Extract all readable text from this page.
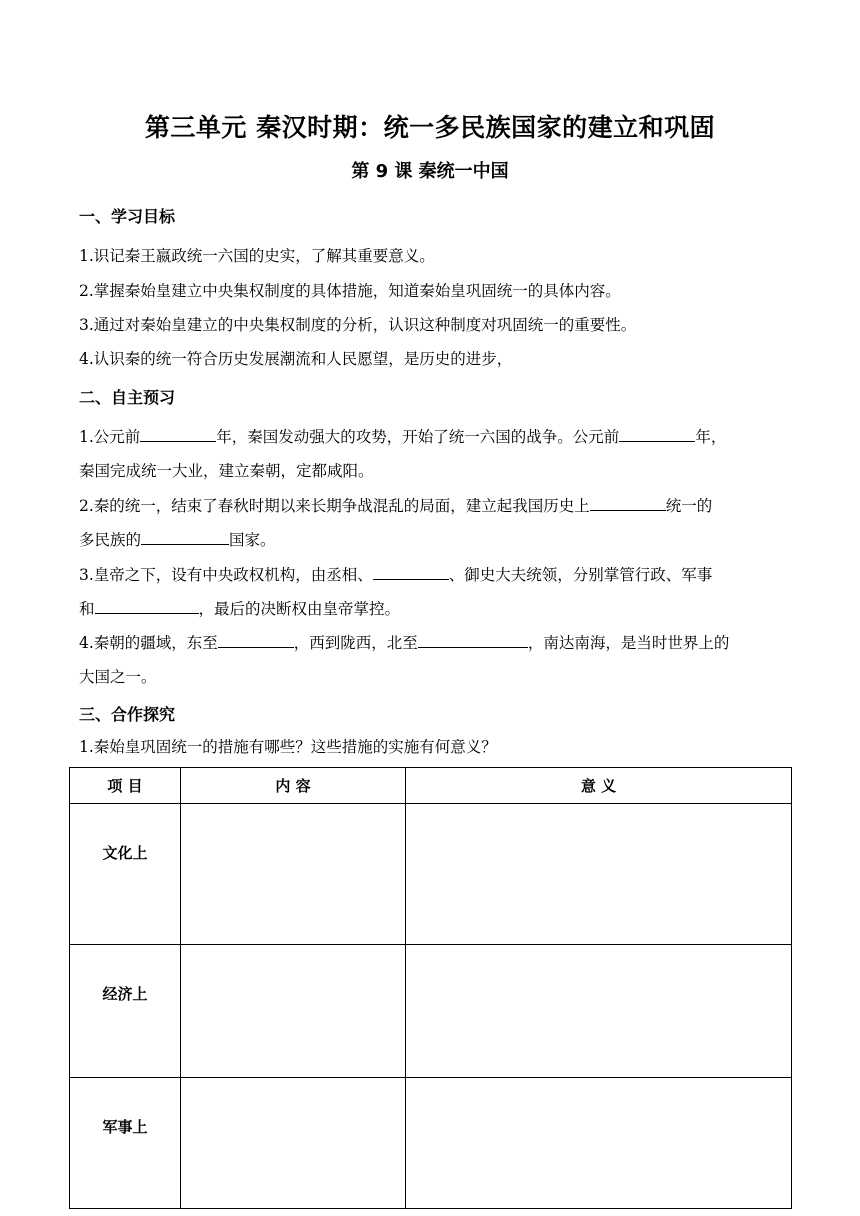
第三单元 秦汉时期：统一多民族国家的建立和巩固
第 9 课 秦统一中国
一、学习目标
1.识记秦王嬴政统一六国的史实，了解其重要意义。
2.掌握秦始皇建立中央集权制度的具体措施，知道秦始皇巩固统一的具体内容。
3.通过对秦始皇建立的中央集权制度的分析，认识这种制度对巩固统一的重要性。
4.认识秦的统一符合历史发展潮流和人民愿望，是历史的进步，
二、自主预习
1.公元前	年，秦国发动强大的攻势，开始了统一六国的战争。公元前	年，
秦国完成统一大业，建立秦朝，定都咸阳。
2.秦的统一，结束了春秋时期以来长期争战混乱的局面，建立起我国历史上	统一的
多民族的	国家。
3.皇帝之下，设有中央政权机构，由丞相、	、御史大夫统领，分别掌管行政、军事
和	，最后的决断权由皇帝掌控。
4.秦朝的疆域，东至	，西到陇西，北至	，南达南海，是当时世界上的
大国之一。
三、合作探究
1.秦始皇巩固统一的措施有哪些？这些措施的实施有何意义？
项 目	内 容	意 义
文化上		
经济上		
军事上		
